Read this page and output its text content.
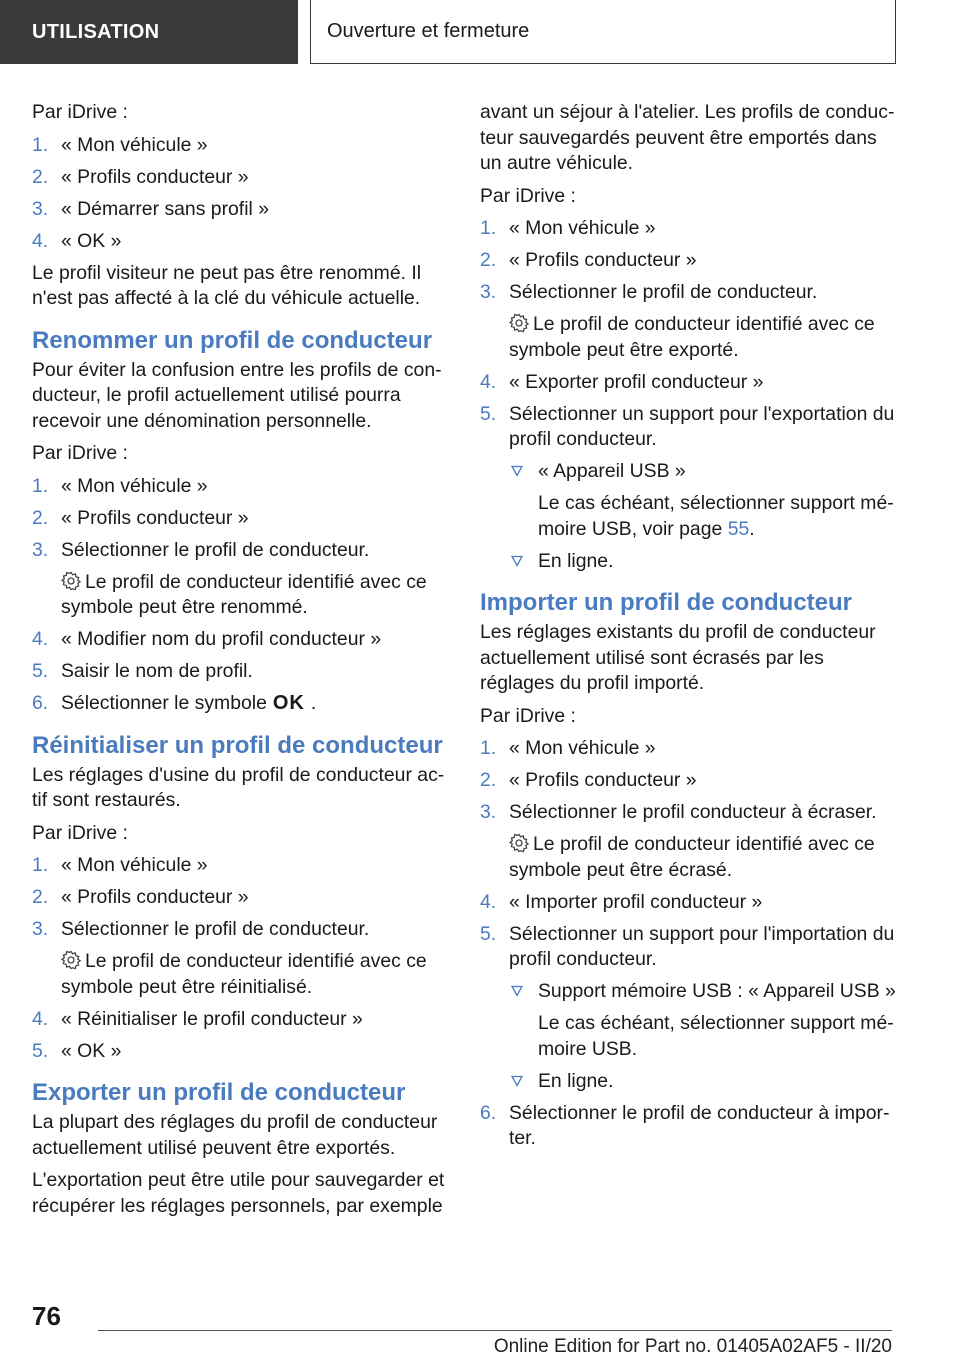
UTILISATION	Ouverture et fermeture

Par iDrive :

1. « Mon véhicule »
2. « Profils conducteur »
3. « Démarrer sans profil »
4. « OK »

Le profil visiteur ne peut pas être renommé. Il n'est pas affecté à la clé du véhicule actuelle.

Renommer un profil de conducteur

Pour éviter la confusion entre les profils de conducteur, le profil actuellement utilisé pourra recevoir une dénomination personnelle.

Par iDrive :

1. « Mon véhicule »
2. « Profils conducteur »
3. Sélectionner le profil de conducteur.

Le profil de conducteur identifié avec ce symbole peut être renommé.

4. « Modifier nom du profil conducteur »
5. Saisir le nom de profil.
6. Sélectionner le symbole OK .
Réinitialiser un profil de conducteur

Les réglages d'usine du profil de conducteur actif sont restaurés.

Par iDrive :

1. « Mon véhicule »
2. « Profils conducteur »
3. Sélectionner le profil de conducteur.

Le profil de conducteur identifié avec ce symbole peut être réinitialisé.

4. « Réinitialiser le profil conducteur »
5. « OK »
Exporter un profil de conducteur

La plupart des réglages du profil de conducteur actuellement utilisé peuvent être exportés.

L'exportation peut être utile pour sauvegarder et récupérer les réglages personnels, par exemple

avant un séjour à l'atelier. Les profils de conducteur sauvegardés peuvent être emportés dans un autre véhicule.

Par iDrive :

1. « Mon véhicule »
2. « Profils conducteur »
3. Sélectionner le profil de conducteur.

Le profil de conducteur identifié avec ce symbole peut être exporté.

4. « Exporter profil conducteur »
5. Sélectionner un support pour l'exportation du profil conducteur.
« Appareil USB »

Le cas échéant, sélectionner support mémoire USB, voir page 55.

En ligne.
Importer un profil de conducteur

Les réglages existants du profil de conducteur actuellement utilisé sont écrasés par les réglages du profil importé.

Par iDrive :

1. « Mon véhicule »
2. « Profils conducteur »
3. Sélectionner le profil conducteur à écraser.

Le profil de conducteur identifié avec ce symbole peut être écrasé.

4. « Importer profil conducteur »
5. Sélectionner un support pour l'importation du profil conducteur.
Support mémoire USB : « Appareil USB »

Le cas échéant, sélectionner support mémoire USB.

En ligne.
6. Sélectionner le profil de conducteur à importer.
76
Online Edition for Part no. 01405A02AF5 - II/20
